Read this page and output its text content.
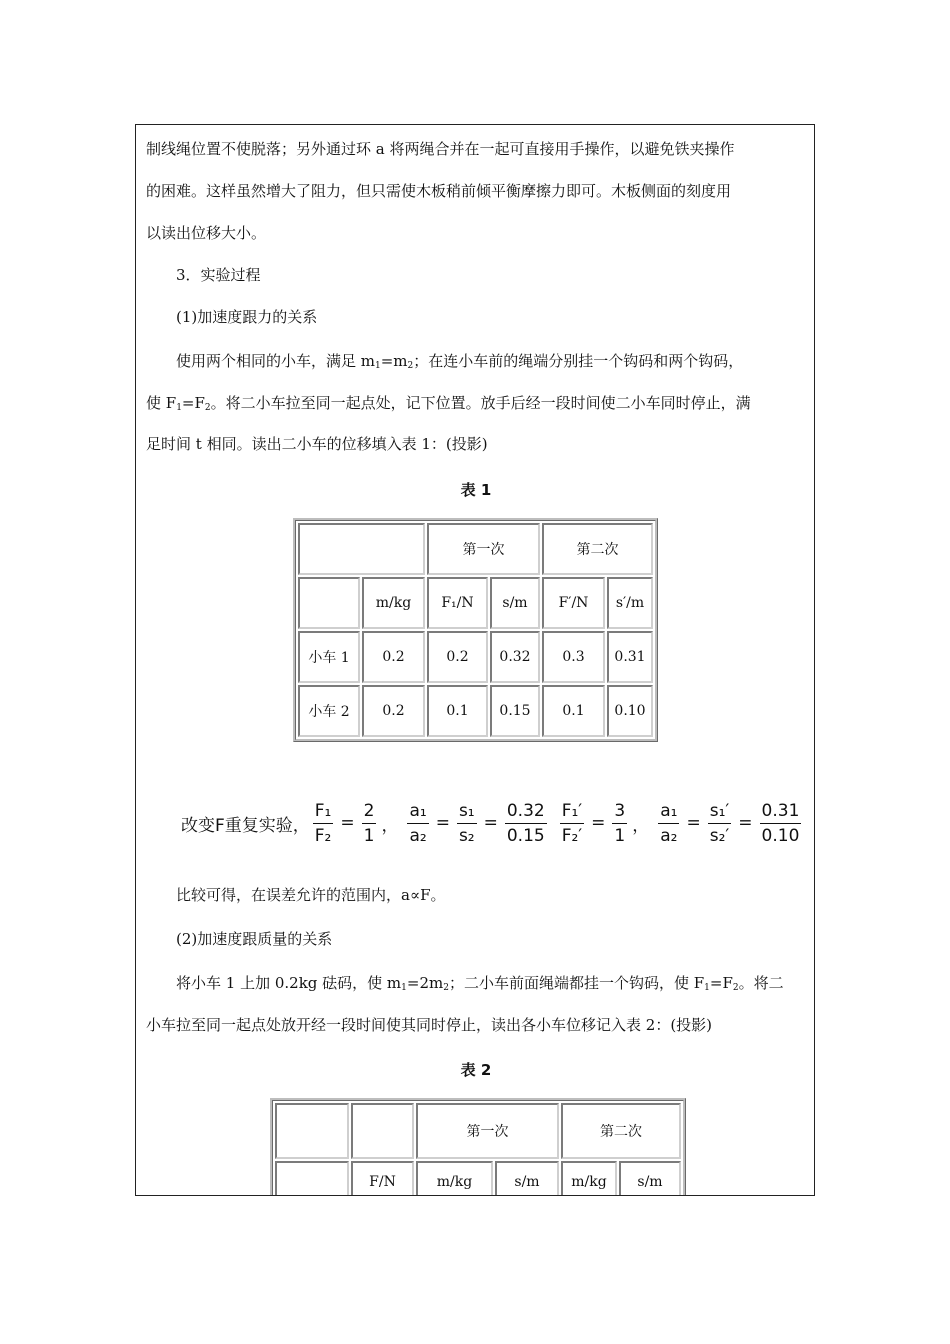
制线绳位置不使脱落；另外通过环 a 将两绳合并在一起可直接用手操作，以避免铁夹操作
的困难。这样虽然增大了阻力，但只需使木板稍前倾平衡摩擦力即可。木板侧面的刻度用
以读出位移大小。
3．实验过程
(1)加速度跟力的关系
使用两个相同的小车，满足 $m_1=m_2$；在连小车前的绳端分别挂一个钩码和两个钩码，
使 $F_1=F_2$。将二小车拉至同一起点处，记下位置。放手后经一段时间使二小车同时停止，满
足时间 t 相同。读出二小车的位移填入表 1：(投影)
表 1
		第一次		第二次	
	m/kg	F₁/N	s/m	F′/N	s′/m
小车 1	0.2	0.2	0.32	0.3	0.31
小车 2	0.2	0.1	0.15	0.1	0.10
改变F重复实验， $\frac{\text{F₁}}{\text{F₂}} = \frac{2}{1}$ ， $\frac{\text{a₁}}{\text{a₂}} = \frac{\text{s₁}}{\text{s₂}} = \frac{0.32}{0.15} \frac{\text{F₁′}}{\text{F₂′}} = \frac{3}{1}$ ， $\frac{\text{a₁}}{\text{a₂}} = \frac{\text{s₁′}}{\text{s₂′}} = \frac{0.31}{0.10}$
比较可得，在误差允许的范围内，a∝F。
(2)加速度跟质量的关系
将小车 1 上加 0.2kg 砝码，使 $m_1=2m_2$；二小车前面绳端都挂一个钩码，使 $F_1=F_2$。将二
小车拉至同一起点处放开经一段时间使其同时停止，读出各小车位移记入表 2：(投影)
表 2
		第一次		第二次	
	F/N	m/kg	s/m	m/kg	s/m
